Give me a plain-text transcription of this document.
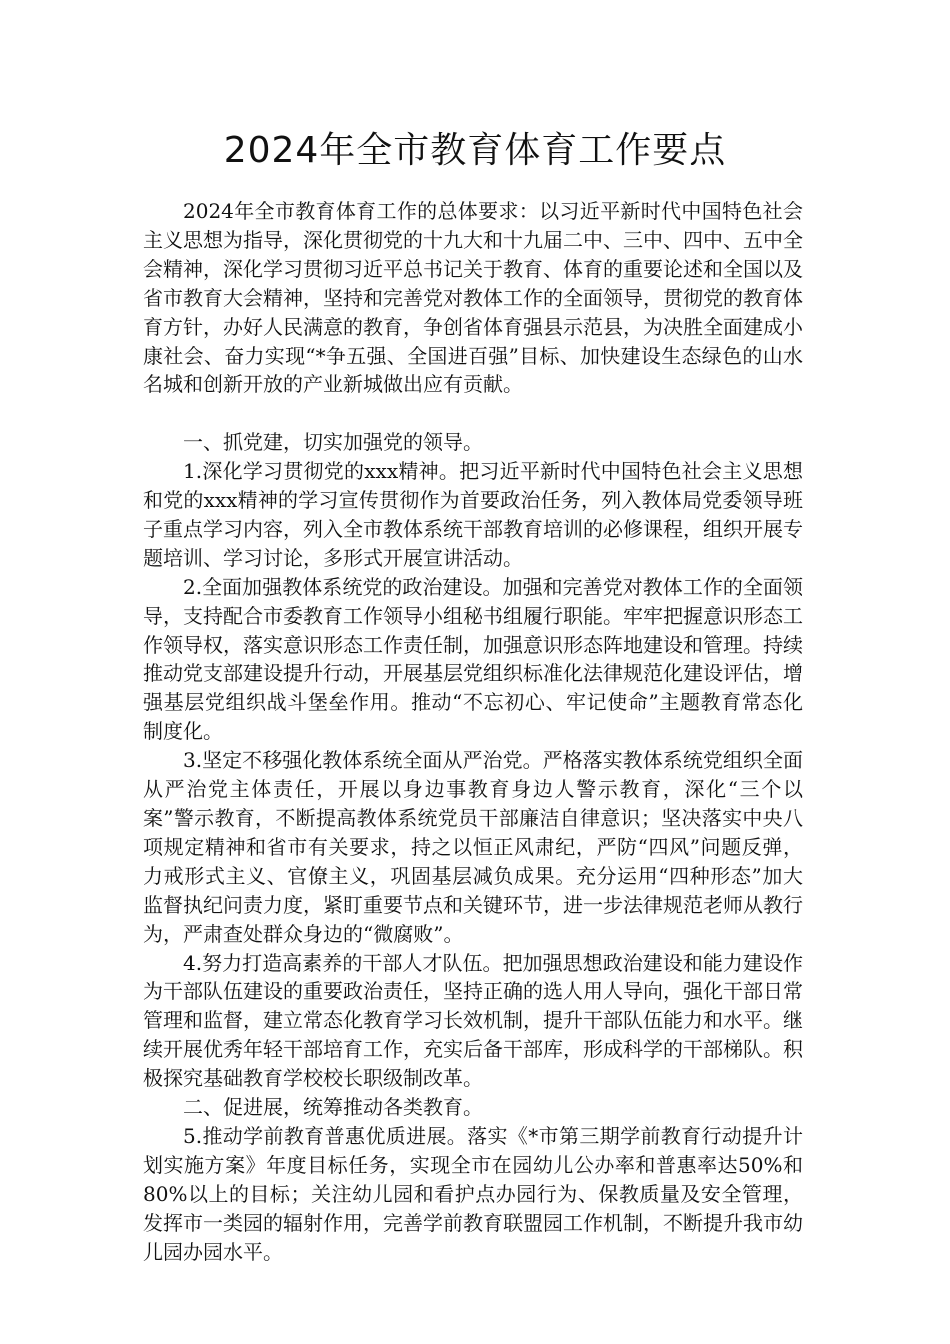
2024年全市教育体育工作要点

2024年全市教育体育工作的总体要求：以习近平新时代中国特色社会主义思想为指导，深化贯彻党的十九大和十九届二中、三中、四中、五中全会精神，深化学习贯彻习近平总书记关于教育、体育的重要论述和全国以及省市教育大会精神，坚持和完善党对教体工作的全面领导，贯彻党的教育体育方针，办好人民满意的教育，争创省体育强县示范县，为决胜全面建成小康社会、奋力实现“*争五强、全国进百强”目标、加快建设生态绿色的山水名城和创新开放的产业新城做出应有贡献。

一、抓党建，切实加强党的领导。

1.深化学习贯彻党的xxx精神。把习近平新时代中国特色社会主义思想和党的xxx精神的学习宣传贯彻作为首要政治任务，列入教体局党委领导班子重点学习内容，列入全市教体系统干部教育培训的必修课程，组织开展专题培训、学习讨论，多形式开展宣讲活动。

2.全面加强教体系统党的政治建设。加强和完善党对教体工作的全面领导，支持配合市委教育工作领导小组秘书组履行职能。牢牢把握意识形态工作领导权，落实意识形态工作责任制，加强意识形态阵地建设和管理。持续推动党支部建设提升行动，开展基层党组织标准化法律规范化建设评估，增强基层党组织战斗堡垒作用。推动“不忘初心、牢记使命”主题教育常态化制度化。

3.坚定不移强化教体系统全面从严治党。严格落实教体系统党组织全面从严治党主体责任，开展以身边事教育身边人警示教育，深化“三个以案”警示教育，不断提高教体系统党员干部廉洁自律意识；坚决落实中央八项规定精神和省市有关要求，持之以恒正风肃纪，严防“四风”问题反弹，力戒形式主义、官僚主义，巩固基层减负成果。充分运用“四种形态”加大监督执纪问责力度，紧盯重要节点和关键环节，进一步法律规范老师从教行为，严肃查处群众身边的“微腐败”。

4.努力打造高素养的干部人才队伍。把加强思想政治建设和能力建设作为干部队伍建设的重要政治责任，坚持正确的选人用人导向，强化干部日常管理和监督，建立常态化教育学习长效机制，提升干部队伍能力和水平。继续开展优秀年轻干部培育工作，充实后备干部库，形成科学的干部梯队。积极探究基础教育学校校长职级制改革。

二、促进展，统筹推动各类教育。

5.推动学前教育普惠优质进展。落实《*市第三期学前教育行动提升计划实施方案》年度目标任务，实现全市在园幼儿公办率和普惠率达50%和80%以上的目标；关注幼儿园和看护点办园行为、保教质量及安全管理，发挥市一类园的辐射作用，完善学前教育联盟园工作机制，不断提升我市幼儿园办园水平。
